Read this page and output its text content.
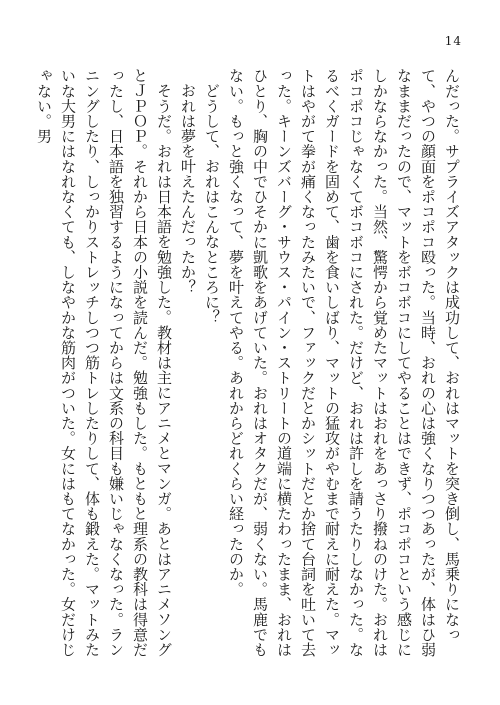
14

んだった。サプライズアタックは成功して、おれはマットを突き倒し、馬乗りになって、やつの顔面をポコポコ殴った。当時、おれの心は強くなりつつあったが、体はひ弱なままだったので、マットをボコボコにしてやることはできず、ポコポコという感じにしかならなかった。当然、驚愕から覚めたマットはおれをあっさり撥ねのけた。おれはポコポコじゃなくてボコボコにされた。だけど、おれは許しを請うたりしなかった。なるべくガードを固めて、歯を食いしばり、マットの猛攻がやむまで耐えに耐えた。マットはやがて拳が痛くなったみたいで、ファックだとかシットだとか捨て台詞を吐いて去った。キーンズバーグ・サウス・パイン・ストリートの道端に横たわったまま、おれはひとり、胸の中でひそかに凱歌をあげていた。おれはオタクだが、弱くない。馬鹿でもない。もっと強くなって、夢を叶えてやる。あれからどれくらい経ったのか。

どうして、おれはこんなところに？

おれは夢を叶えたんだったか？

そうだ。おれは日本語を勉強した。教材は主にアニメとマンガ。あとはアニメソングとＪＰＯＰ。それから日本の小説を読んだ。勉強もした。もともと理系の教科は得意だったし、日本語を独習するようになってからは文系の科目も嫌いじゃなくなった。ランニングしたり、しっかりストレッチしつつ筋トレしたりして、体も鍛えた。マットみたいな大男にはなれなくても、しなやかな筋肉がついた。女にはもてなかった。女だけじゃない。男
